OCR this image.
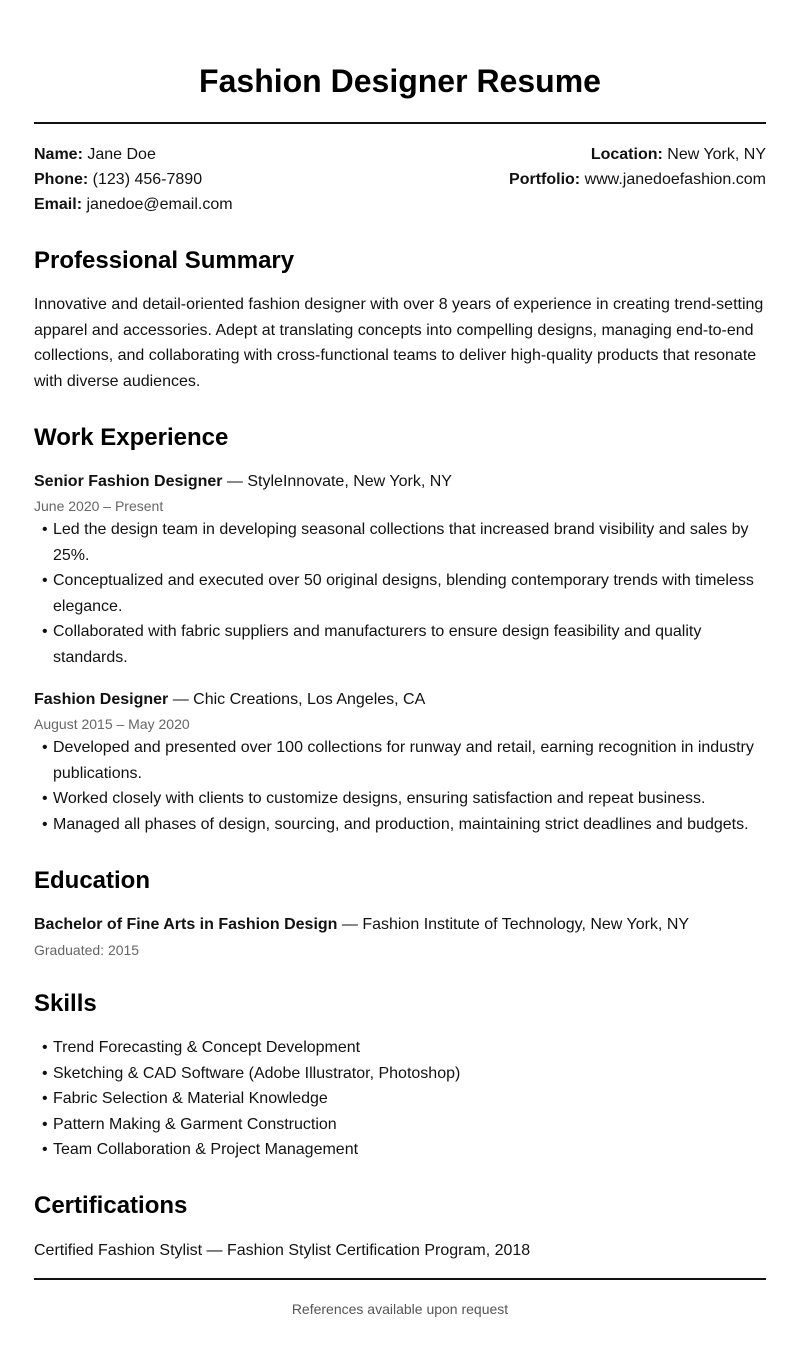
Fashion Designer Resume
Name: Jane Doe
Phone: (123) 456-7890
Email: janedoe@email.com
Location: New York, NY
Portfolio: www.janedoefashion.com
Professional Summary

Innovative and detail-oriented fashion designer with over 8 years of experience in creating trend-setting apparel and accessories. Adept at translating concepts into compelling designs, managing end-to-end collections, and collaborating with cross-functional teams to deliver high-quality products that resonate with diverse audiences.

Work Experience
Senior Fashion Designer — StyleInnovate, New York, NY
June 2020 – Present
• Led the design team in developing seasonal collections that increased brand visibility and sales by 25%.
• Conceptualized and executed over 50 original designs, blending contemporary trends with timeless elegance.
• Collaborated with fabric suppliers and manufacturers to ensure design feasibility and quality standards.
Fashion Designer — Chic Creations, Los Angeles, CA
August 2015 – May 2020
• Developed and presented over 100 collections for runway and retail, earning recognition in industry publications.
• Worked closely with clients to customize designs, ensuring satisfaction and repeat business.
• Managed all phases of design, sourcing, and production, maintaining strict deadlines and budgets.
Education
Bachelor of Fine Arts in Fashion Design — Fashion Institute of Technology, New York, NY
Graduated: 2015
Skills
• Trend Forecasting & Concept Development
• Sketching & CAD Software (Adobe Illustrator, Photoshop)
• Fabric Selection & Material Knowledge
• Pattern Making & Garment Construction
• Team Collaboration & Project Management
Certifications

Certified Fashion Stylist — Fashion Stylist Certification Program, 2018

References available upon request
